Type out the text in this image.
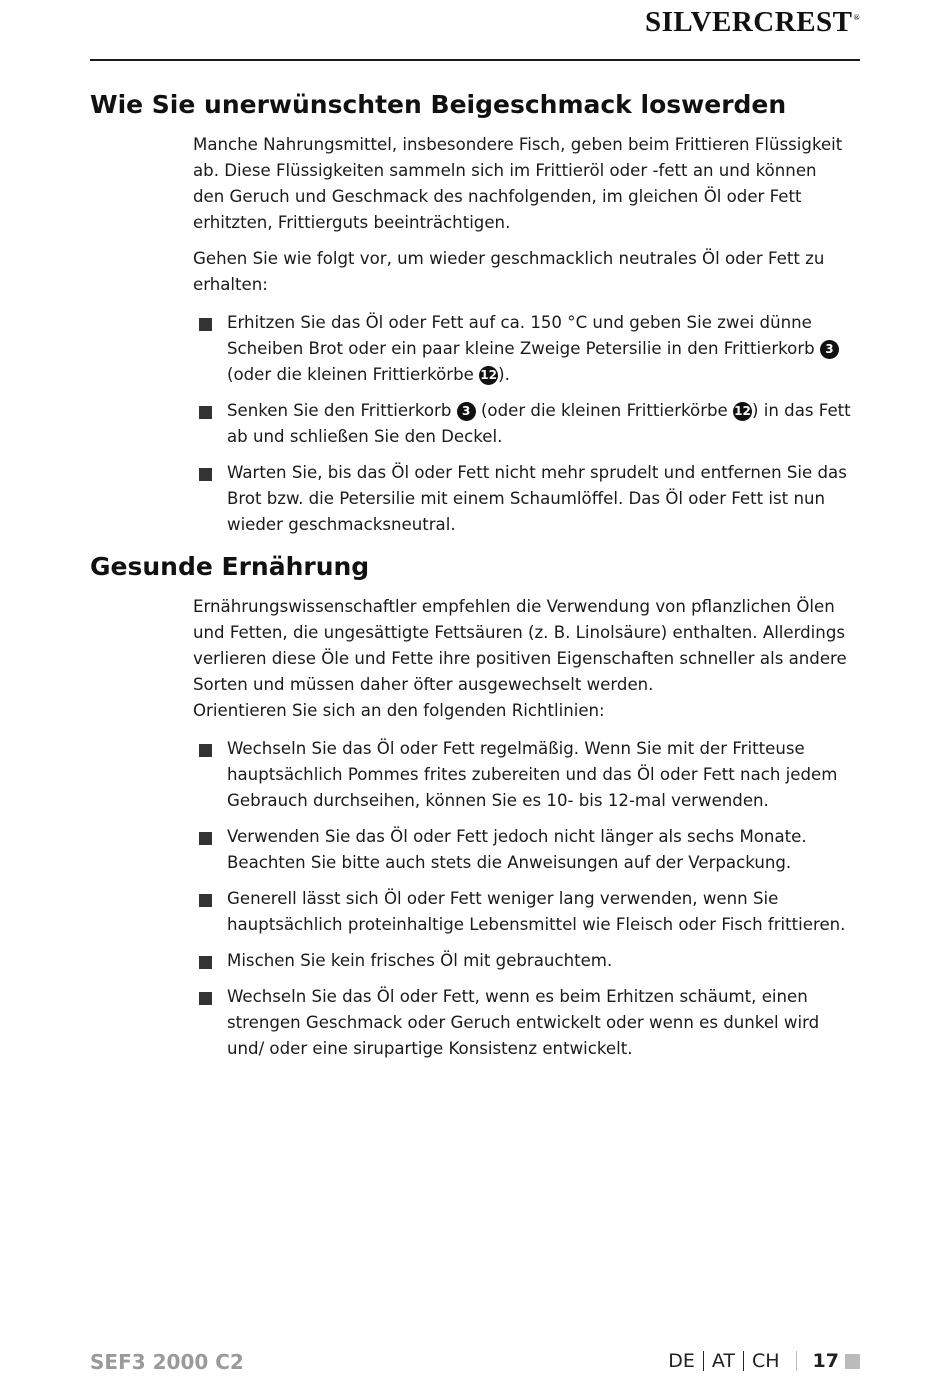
SILVERCREST®
Wie Sie unerwünschten Beigeschmack loswerden

Manche Nahrungsmittel, insbesondere Fisch, geben beim Frittieren Flüssigkeit ab. Diese Flüssigkeiten sammeln sich im Frittieröl oder -fett an und können den Geruch und Geschmack des nachfolgenden, im gleichen Öl oder Fett erhitzten, Frittierguts beeinträchtigen.

Gehen Sie wie folgt vor, um wieder geschmacklich neutrales Öl oder Fett zu erhalten:

Erhitzen Sie das Öl oder Fett auf ca. 150 °C und geben Sie zwei dünne Scheiben Brot oder ein paar kleine Zweige Petersilie in den Frittierkorb 3 (oder die kleinen Frittierkörbe 12).
Senken Sie den Frittierkorb 3 (oder die kleinen Frittierkörbe 12) in das Fett ab und schließen Sie den Deckel.
Warten Sie, bis das Öl oder Fett nicht mehr sprudelt und entfernen Sie das Brot bzw. die Petersilie mit einem Schaumlöffel. Das Öl oder Fett ist nun wieder geschmacksneutral.
Gesunde Ernährung

Ernährungswissenschaftler empfehlen die Verwendung von pflanzlichen Ölen und Fetten, die ungesättigte Fettsäuren (z. B. Linolsäure) enthalten. Allerdings verlieren diese Öle und Fette ihre positiven Eigenschaften schneller als andere Sorten und müssen daher öfter ausgewechselt werden.

Orientieren Sie sich an den folgenden Richtlinien:

Wechseln Sie das Öl oder Fett regelmäßig. Wenn Sie mit der Fritteuse hauptsächlich Pommes frites zubereiten und das Öl oder Fett nach jedem Gebrauch durchseihen, können Sie es 10- bis 12-mal verwenden.
Verwenden Sie das Öl oder Fett jedoch nicht länger als sechs Monate. Beachten Sie bitte auch stets die Anweisungen auf der Verpackung.
Generell lässt sich Öl oder Fett weniger lang verwenden, wenn Sie hauptsächlich proteinhaltige Lebensmittel wie Fleisch oder Fisch frittieren.
Mischen Sie kein frisches Öl mit gebrauchtem.
Wechseln Sie das Öl oder Fett, wenn es beim Erhitzen schäumt, einen strengen Geschmack oder Geruch entwickelt oder wenn es dunkel wird und/ oder eine sirupartige Konsistenz entwickelt.
SEF3 2000 C2	DE AT CH 17
